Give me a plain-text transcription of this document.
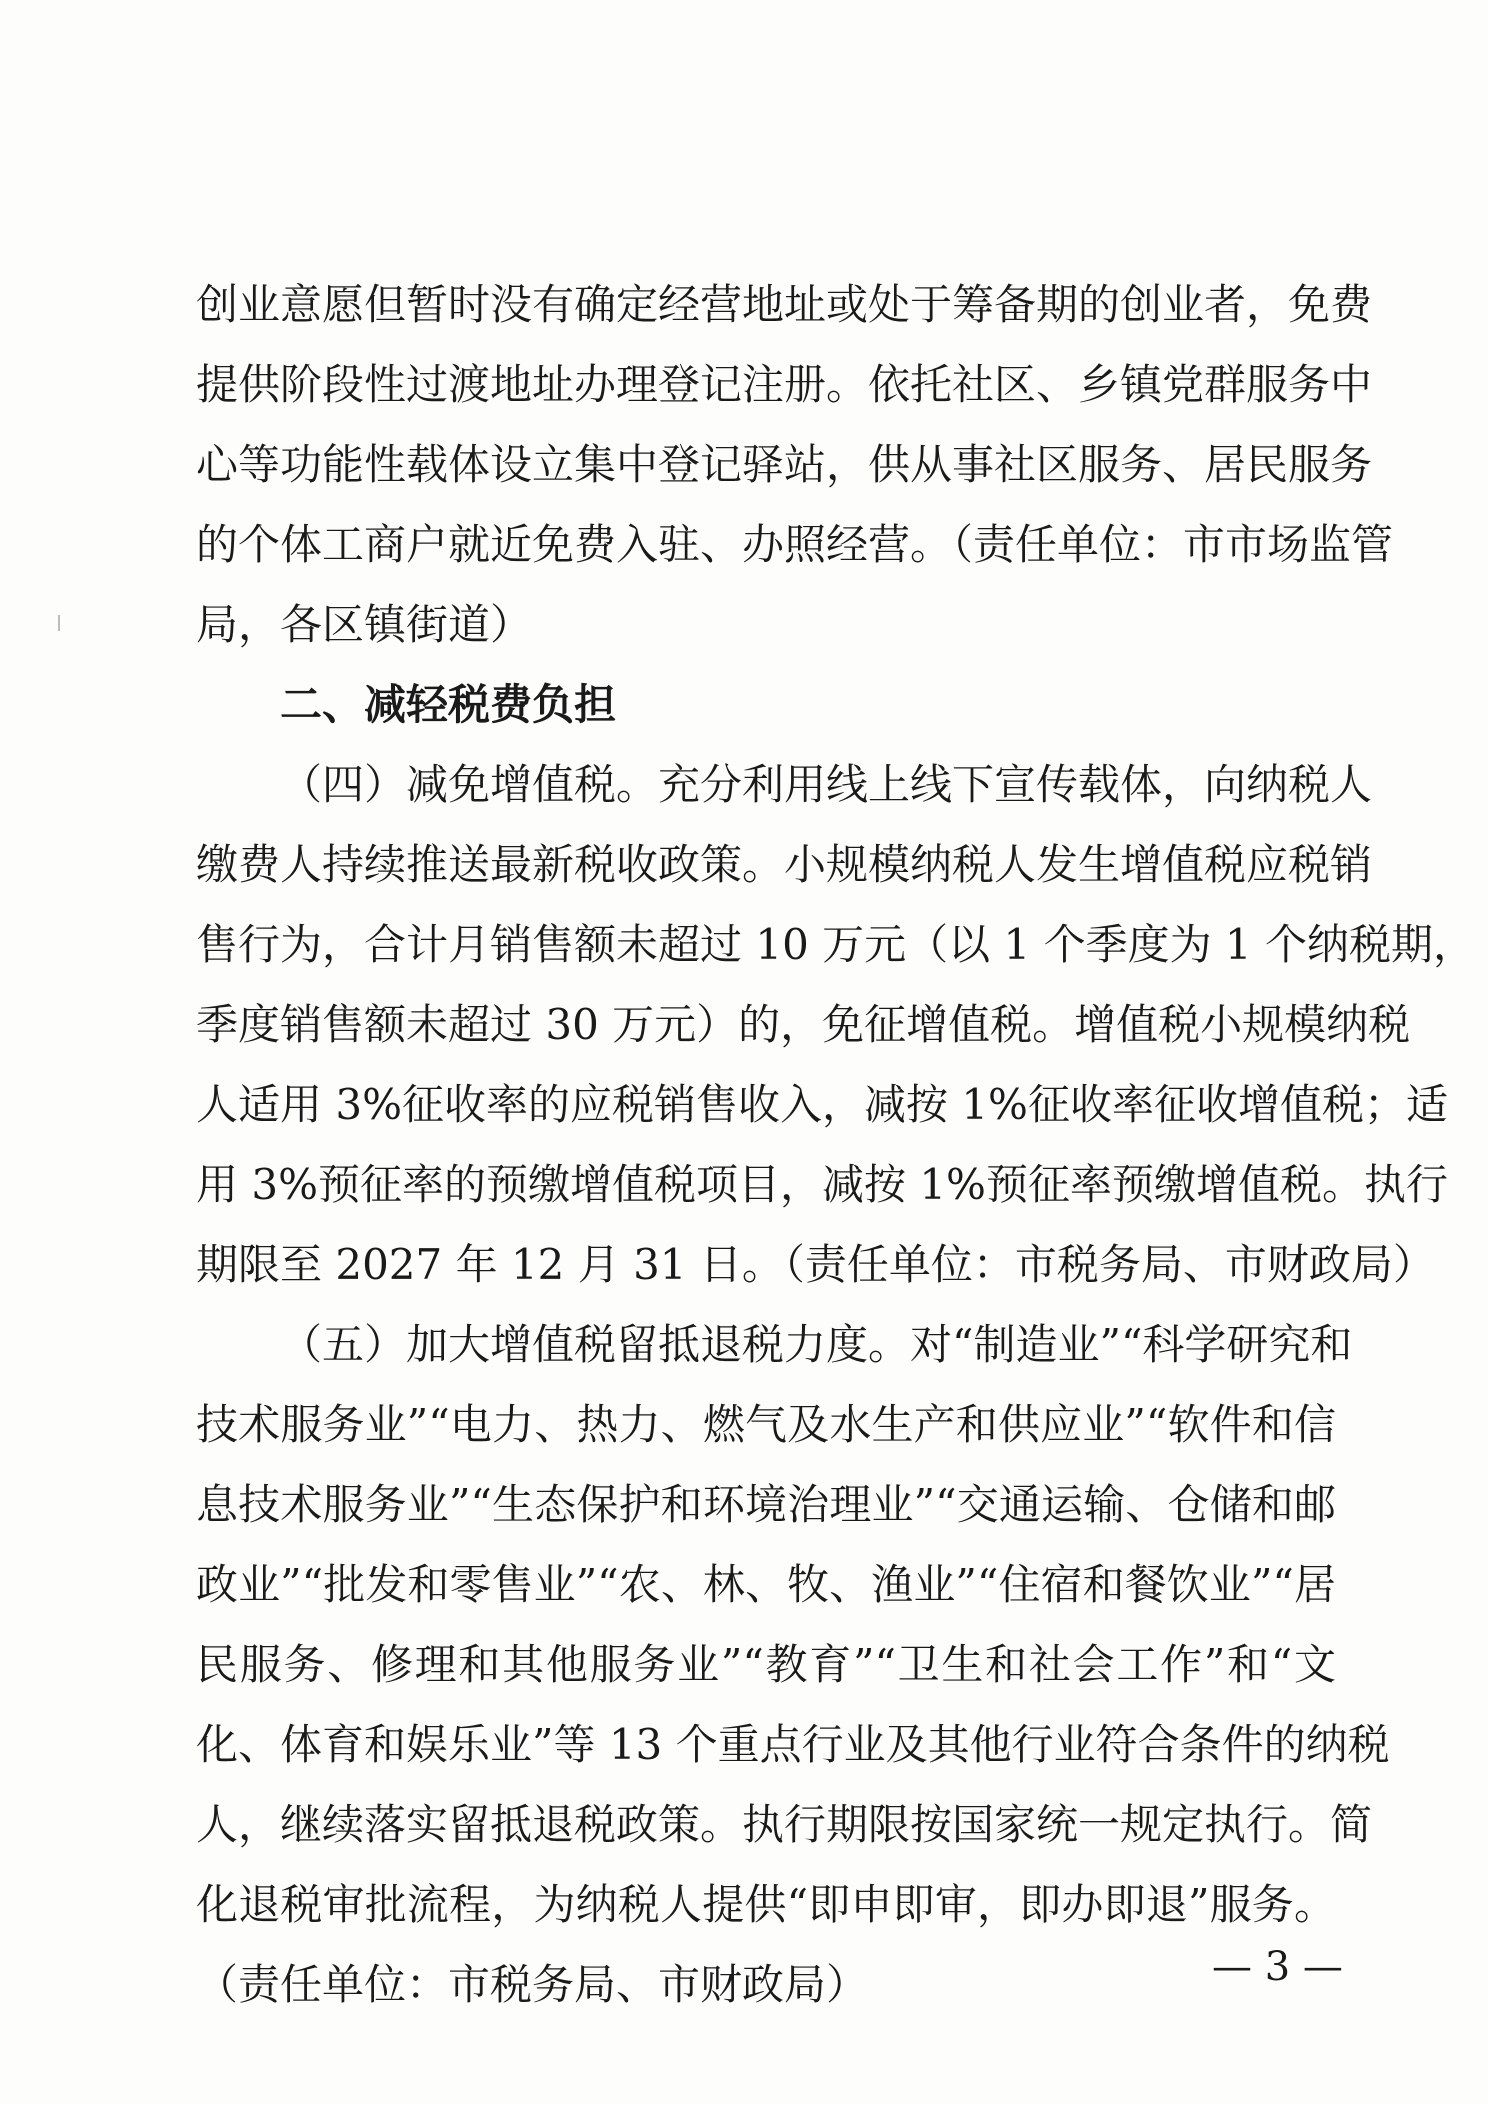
创业意愿但暂时没有确定经营地址或处于筹备期的创业者，免费
提供阶段性过渡地址办理登记注册。依托社区、乡镇党群服务中
心等功能性载体设立集中登记驿站，供从事社区服务、居民服务
的个体工商户就近免费入驻、办照经营。（责任单位：市市场监管
局，各区镇街道）
二、减轻税费负担
（四）减免增值税。充分利用线上线下宣传载体，向纳税人
缴费人持续推送最新税收政策。小规模纳税人发生增值税应税销
售行为，合计月销售额未超过 10 万元（以 1 个季度为 1 个纳税期，
季度销售额未超过 30 万元）的，免征增值税。增值税小规模纳税
人适用 3%征收率的应税销售收入，减按 1%征收率征收增值税；适
用 3%预征率的预缴增值税项目，减按 1%预征率预缴增值税。执行
期限至 2027 年 12 月 31 日。（责任单位：市税务局、市财政局）
（五）加大增值税留抵退税力度。对“制造业”“科学研究和
技术服务业”“电力、热力、燃气及水生产和供应业”“软件和信
息技术服务业”“生态保护和环境治理业”“交通运输、仓储和邮
政业”“批发和零售业”“农、林、牧、渔业”“住宿和餐饮业”“居
民服务、修理和其他服务业”“教育”“卫生和社会工作”和“文
化、体育和娱乐业”等 13 个重点行业及其他行业符合条件的纳税
人，继续落实留抵退税政策。执行期限按国家统一规定执行。简
化退税审批流程，为纳税人提供“即申即审，即办即退”服务。
（责任单位：市税务局、市财政局）	— 3 —
